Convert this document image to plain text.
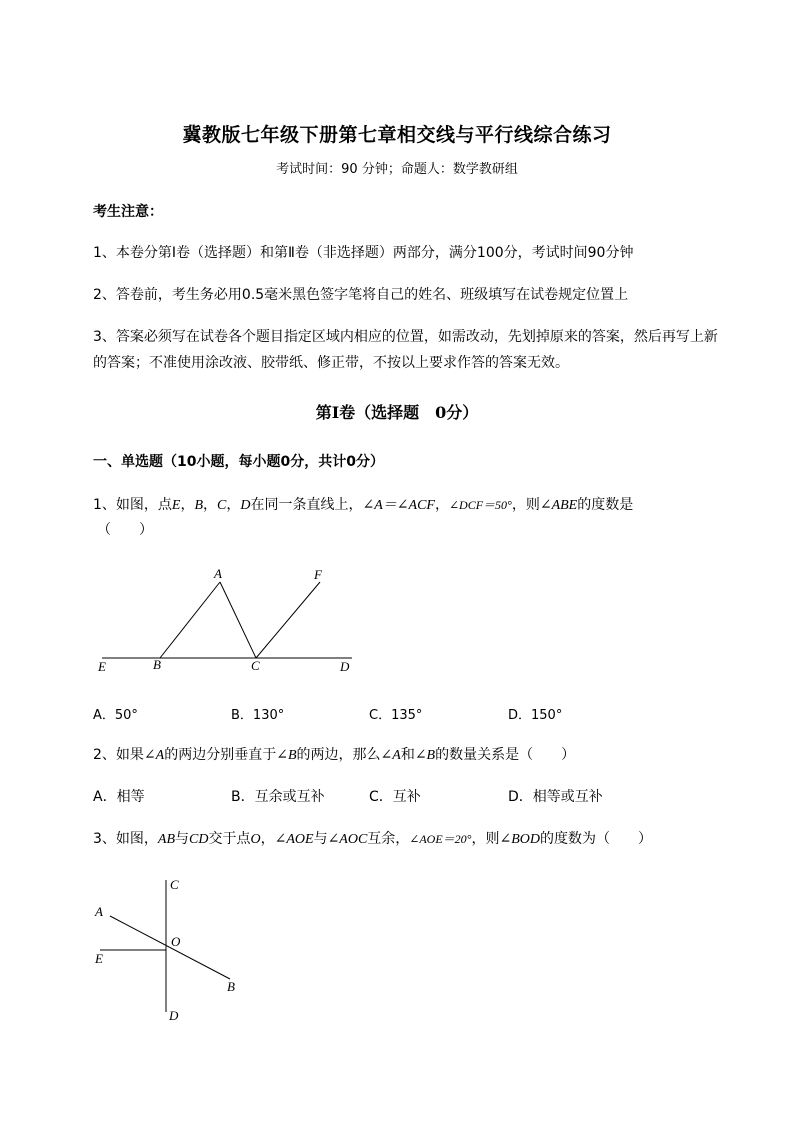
冀教版七年级下册第七章相交线与平行线综合练习
考试时间：90 分钟；命题人：数学教研组
考生注意：
1、本卷分第Ⅰ卷（选择题）和第Ⅱ卷（非选择题）两部分，满分100分，考试时间90分钟
2、答卷前，考生务必用0.5毫米黑色签字笔将自己的姓名、班级填写在试卷规定位置上
3、答案必须写在试卷各个题目指定区域内相应的位置，如需改动，先划掉原来的答案，然后再写上新
的答案；不准使用涂改液、胶带纸、修正带，不按以上要求作答的答案无效。
第Ⅰ卷（选择题　0分）
一、单选题（10小题，每小题0分，共计0分）
1、如图，点E，B，C，D在同一条直线上，∠A＝∠ACF，∠DCF＝50°，则∠ABE的度数是
（　　）
A	F
E	B	C	D
A．50°	B．130°	C．135°	D．150°
2、如果∠A的两边分别垂直于∠B的两边，那么∠A和∠B的数量关系是（　　）
A．相等	B．互余或互补	C．互补	D．相等或互补
3、如图，AB与CD交于点O，∠AOE与∠AOC互余，∠AOE＝20°，则∠BOD的度数为（　　）
C
A
O
E
B
D
